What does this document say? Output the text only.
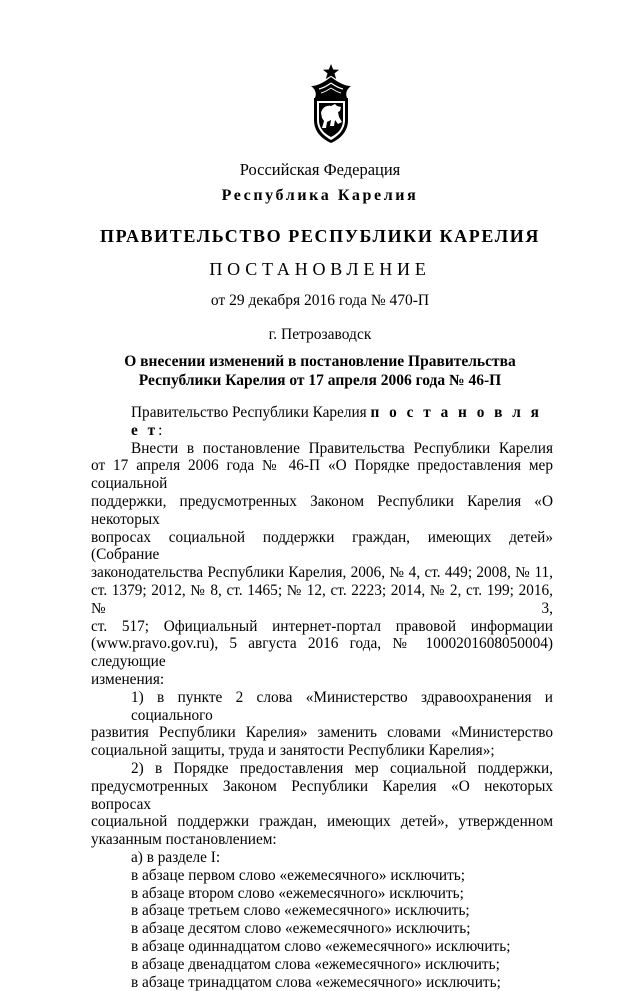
Российская Федерация
Республика Карелия
ПРАВИТЕЛЬСТВО РЕСПУБЛИКИ КАРЕЛИЯ
ПОСТАНОВЛЕНИЕ
от 29 декабря 2016 года № 470-П
г. Петрозаводск
О внесении изменений в постановление Правительства
Республики Карелия от 17 апреля 2006 года № 46-П

Правительство Республики Карелия п о с т а н о в л я е т:

Внести в постановление Правительства Республики Карелия

от 17 апреля 2006 года № 46-П «О Порядке предоставления мер социальной

поддержки, предусмотренных Законом Республики Карелия «О некоторых

вопросах социальной поддержки граждан, имеющих детей» (Собрание

законодательства Республики Карелия, 2006, № 4, ст. 449; 2008, № 11,

ст. 1379; 2012, № 8, ст. 1465; № 12, ст. 2223; 2014, № 2, ст. 199; 2016, № 3,

ст. 517; Официальный интернет-портал правовой информации

(www.pravo.gov.ru), 5 августа 2016 года, № 1000201608050004) следующие

изменения:

1) в пункте 2 слова «Министерство здравоохранения и социального

развития Республики Карелия» заменить словами «Министерство

социальной защиты, труда и занятости Республики Карелия»;

2) в Порядке предоставления мер социальной поддержки,

предусмотренных Законом Республики Карелия «О некоторых вопросах

социальной поддержки граждан, имеющих детей», утвержденном

указанным постановлением:

а) в разделе I:

в абзаце первом слово «ежемесячного» исключить;

в абзаце втором слово «ежемесячного» исключить;

в абзаце третьем слово «ежемесячного» исключить;

в абзаце десятом слово «ежемесячного» исключить;

в абзаце одиннадцатом слово «ежемесячного» исключить;

в абзаце двенадцатом слова «ежемесячного» исключить;

в абзаце тринадцатом слова «ежемесячного» исключить;
